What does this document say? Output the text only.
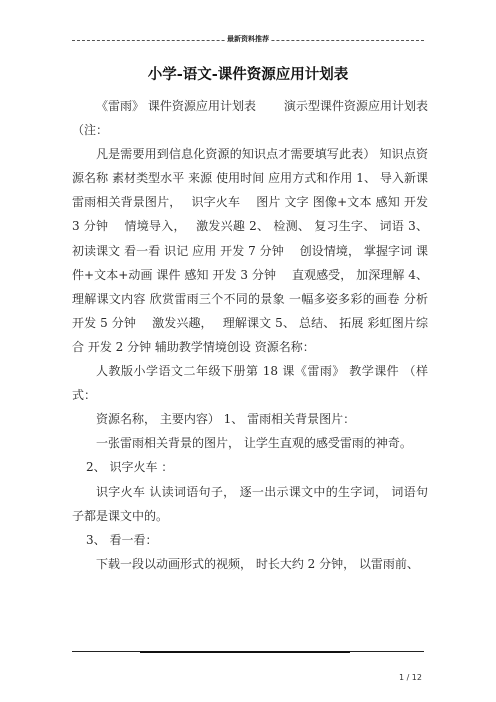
最新资料推荐
小学-语文-课件资源应用计划表

《雷雨》 课件资源应用计划表　　 演示型课件资源应用计划表 （注：

凡是需要用到信息化资源的知识点才需要填写此表） 知识点资源名称 素材类型水平 来源 使用时间 应用方式和作用 1、 导入新课 雷雨相关背景图片，　 识字火车　 图片 文字 图像+文本 感知 开发 3 分钟　 情境导入，　 激发兴趣 2、 检测、 复习生字、 词语 3、初读课文 看一看 识记 应用 开发 7 分钟　 创设情境， 掌握字词 课件+文本+动画 课件 感知 开发 3 分钟　 直观感受， 加深理解 4、 理解课文内容 欣赏雷雨三个不同的景象 一幅多姿多彩的画卷 分析 开发 5 分钟　 激发兴趣，　 理解课文 5、 总结、 拓展 彩虹图片综合 开发 2 分钟 辅助教学情境创设 资源名称：

人教版小学语文二年级下册第 18 课《雷雨》 教学课件 （样式：

资源名称， 主要内容） 1、 雷雨相关背景图片：

一张雷雨相关背景的图片， 让学生直观的感受雷雨的神奇。

2、 识字火车 ：

识字火车 认读词语句子， 逐一出示课文中的生字词， 词语句子都是课文中的。

3、 看一看：

下载一段以动画形式的视频， 时长大约 2 分钟， 以雷雨前、

1 / 12
